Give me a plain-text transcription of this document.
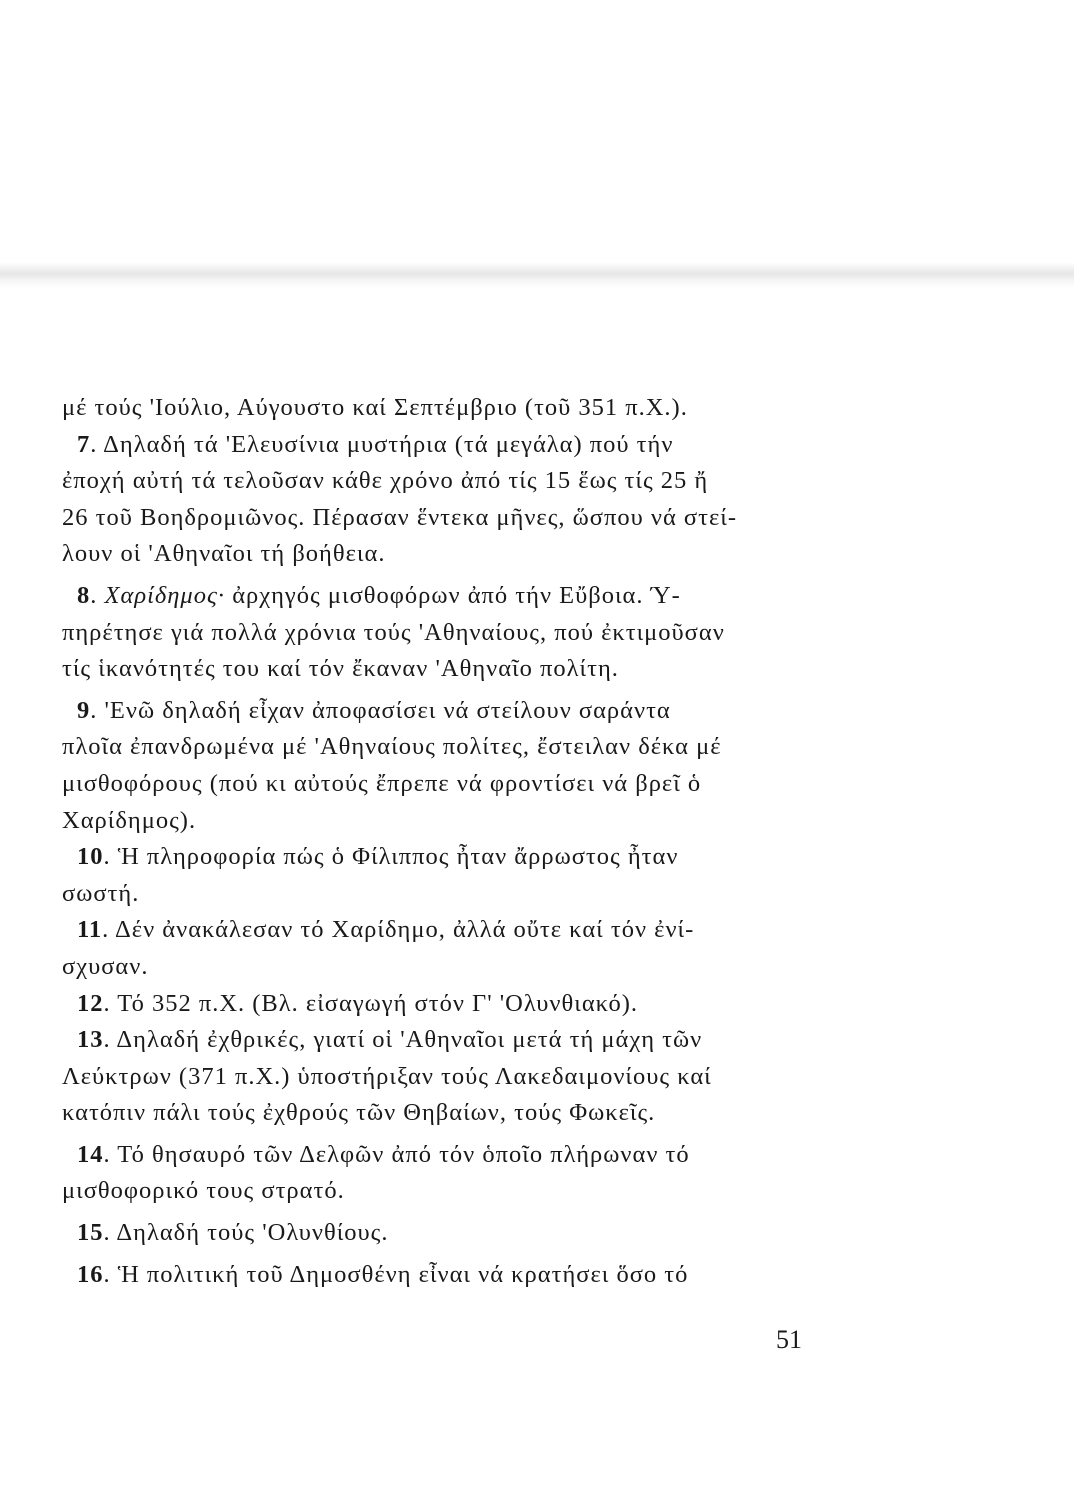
μέ τούς 'Ιούλιο, Αύγουστο καί Σεπτέμβριο (τοῦ 351 π.Χ.).
7. Δηλαδή τά 'Ελευσίνια μυστήρια (τά μεγάλα) πού τήν
ἐποχή αὐτή τά τελοῦσαν κάθε χρόνο ἀπό τίς 15 ἕως τίς 25 ἤ
26 τοῦ Βοηδρομιῶνος. Πέρασαν ἕντεκα μῆνες, ὥσπου νά στεί-
λουν οἱ 'Αθηναῖοι τή βοήθεια.
8. Χαρίδημος· ἀρχηγός μισθοφόρων ἀπό τήν Εὔβοια. Ύ-
πηρέτησε γιά πολλά χρόνια τούς 'Αθηναίους, πού ἐκτιμοῦσαν
τίς ἱκανότητές του καί τόν ἔκαναν 'Αθηναῖο πολίτη.
9. 'Ενῶ δηλαδή εἶχαν ἀποφασίσει νά στείλουν σαράντα
πλοῖα ἐπανδρωμένα μέ 'Αθηναίους πολίτες, ἔστειλαν δέκα μέ
μισθοφόρους (πού κι αὐτούς ἔπρεπε νά φροντίσει νά βρεῖ ὁ
Χαρίδημος).
10. Ἡ πληροφορία πώς ὁ Φίλιππος ἦταν ἄρρωστος ἦταν
σωστή.
11. Δέν ἀνακάλεσαν τό Χαρίδημο, ἀλλά οὔτε καί τόν ἐνί-
σχυσαν.
12. Τό 352 π.Χ. (Βλ. εἰσαγωγή στόν Γ' 'Ολυνθιακό).
13. Δηλαδή ἐχθρικές, γιατί οἱ 'Αθηναῖοι μετά τή μάχη τῶν
Λεύκτρων (371 π.Χ.) ὑποστήριξαν τούς Λακεδαιμονίους καί
κατόπιν πάλι τούς ἐχθρούς τῶν Θηβαίων, τούς Φωκεῖς.
14. Τό θησαυρό τῶν Δελφῶν ἀπό τόν ὁποῖο πλήρωναν τό
μισθοφορικό τους στρατό.
15. Δηλαδή τούς 'Ολυνθίους.
16. Ἡ πολιτική τοῦ Δημοσθένη εἶναι νά κρατήσει ὅσο τό
51
